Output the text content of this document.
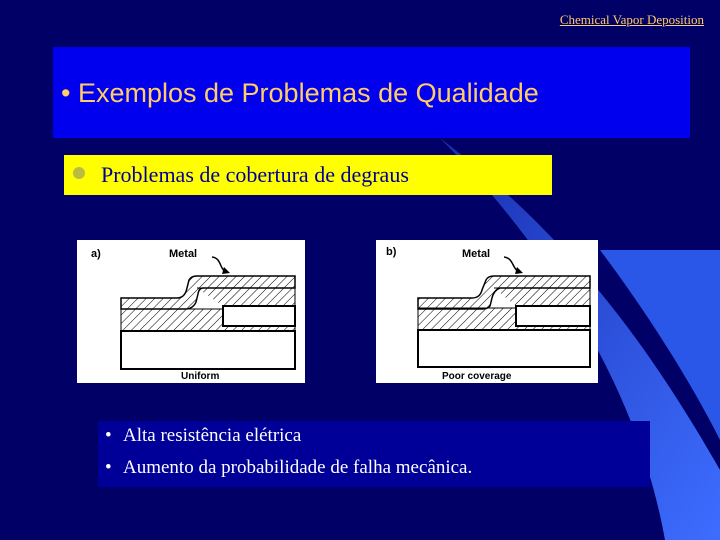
Chemical Vapor Deposition
• Exemplos de Problemas de Qualidade
Problemas de cobertura de degraus
a)	Metal
Uniform
b)	Metal
Poor coverage
• Alta resistência elétrica
• Aumento da probabilidade de falha mecânica.
